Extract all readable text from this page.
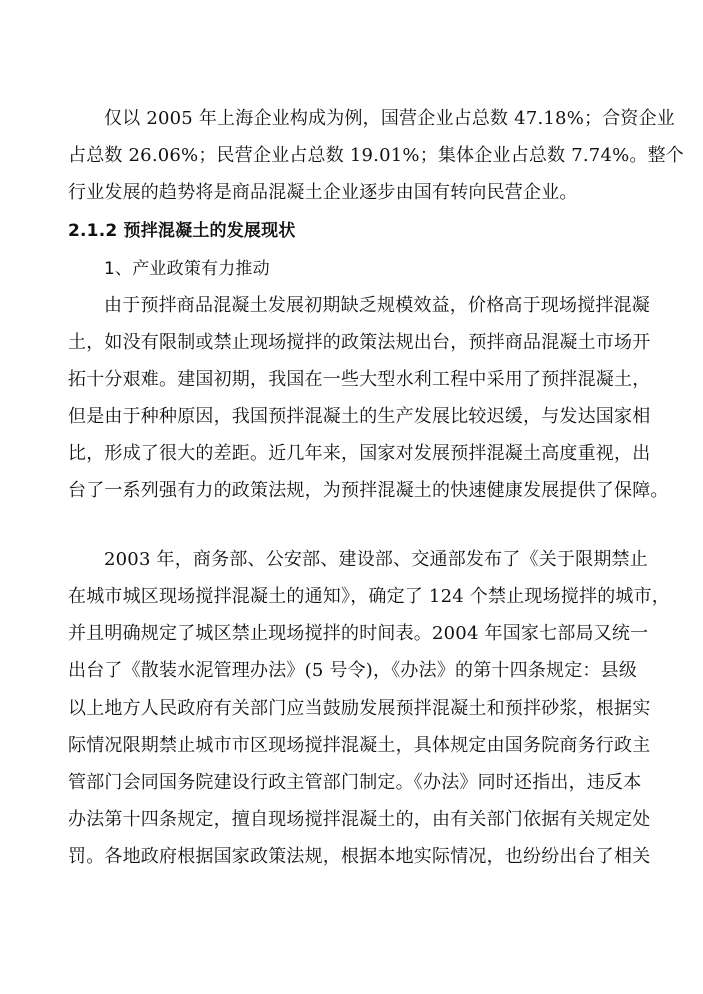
仅以 2005 年上海企业构成为例，国营企业占总数 47.18%；合资企业
占总数 26.06%；民营企业占总数 19.01%；集体企业占总数 7.74%。整个
行业发展的趋势将是商品混凝土企业逐步由国有转向民营企业。
2.1.2 预拌混凝土的发展现状
1、产业政策有力推动
由于预拌商品混凝土发展初期缺乏规模效益，价格高于现场搅拌混凝
土，如没有限制或禁止现场搅拌的政策法规出台，预拌商品混凝土市场开
拓十分艰难。建国初期，我国在一些大型水利工程中采用了预拌混凝土，
但是由于种种原因，我国预拌混凝土的生产发展比较迟缓，与发达国家相
比，形成了很大的差距。近几年来，国家对发展预拌混凝土高度重视，出
台了一系列强有力的政策法规，为预拌混凝土的快速健康发展提供了保障。
2003 年，商务部、公安部、建设部、交通部发布了《关于限期禁止
在城市城区现场搅拌混凝土的通知》，确定了 124 个禁止现场搅拌的城市，
并且明确规定了城区禁止现场搅拌的时间表。2004 年国家七部局又统一
出台了《散装水泥管理办法》(5 号令)，《办法》的第十四条规定：县级
以上地方人民政府有关部门应当鼓励发展预拌混凝土和预拌砂浆，根据实
际情况限期禁止城市市区现场搅拌混凝土，具体规定由国务院商务行政主
管部门会同国务院建设行政主管部门制定。《办法》同时还指出，违反本
办法第十四条规定，擅自现场搅拌混凝土的，由有关部门依据有关规定处
罚。各地政府根据国家政策法规，根据本地实际情况，也纷纷出台了相关
